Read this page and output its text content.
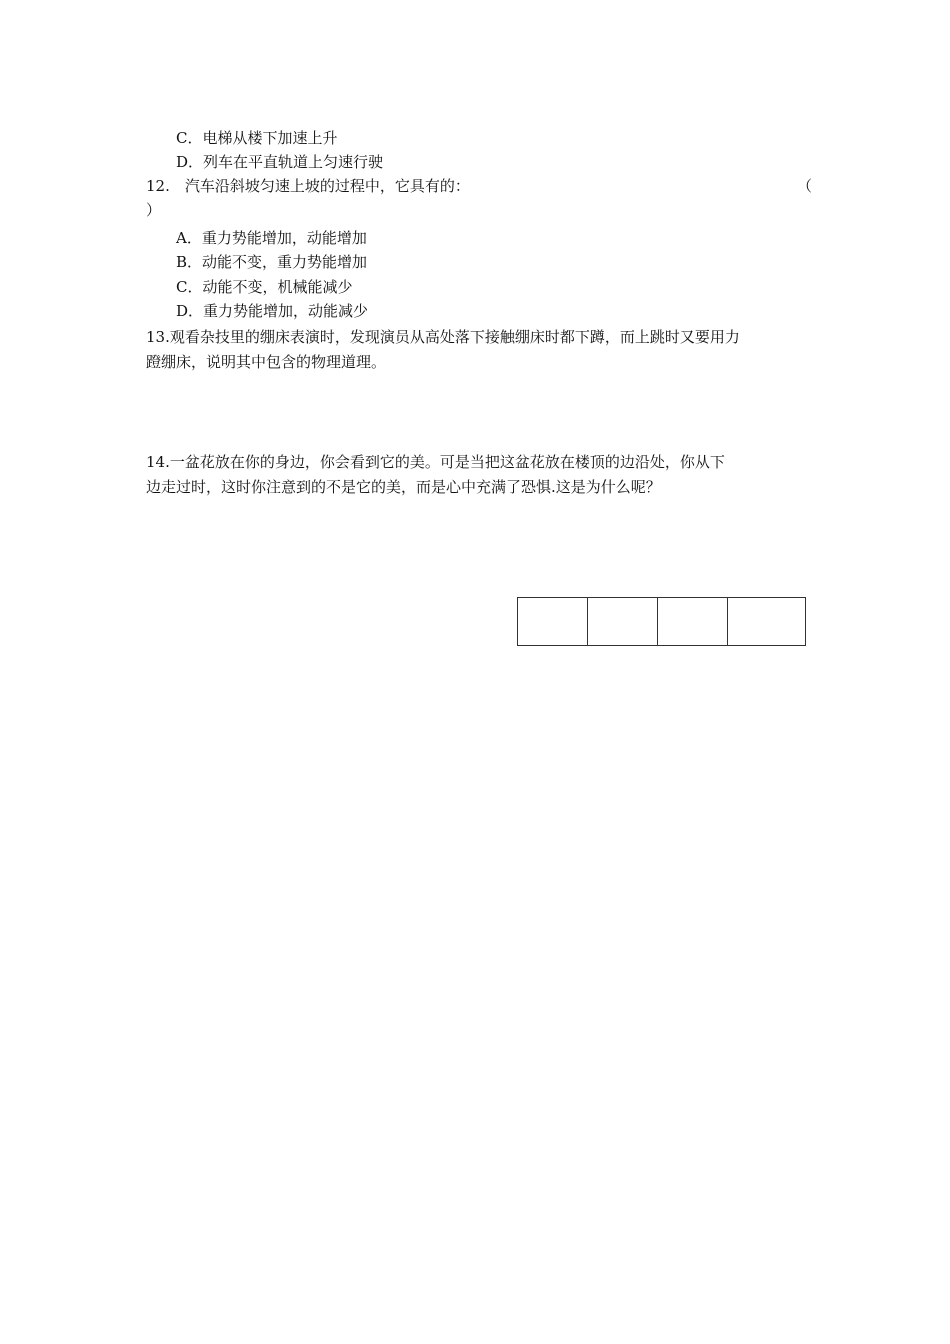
C．电梯从楼下加速上升
D．列车在平直轨道上匀速行驶
12.　汽车沿斜坡匀速上坡的过程中，它具有的：	（
）
A．重力势能增加，动能增加
B．动能不变，重力势能增加
C．动能不变，机械能减少
D．重力势能增加，动能减少
13.观看杂技里的绷床表演时，发现演员从高处落下接触绷床时都下蹲，而上跳时又要用力
蹬绷床，说明其中包含的物理道理。
14.一盆花放在你的身边，你会看到它的美。可是当把这盆花放在楼顶的边沿处，你从下
边走过时，这时你注意到的不是它的美，而是心中充满了恐惧.这是为什么呢？
